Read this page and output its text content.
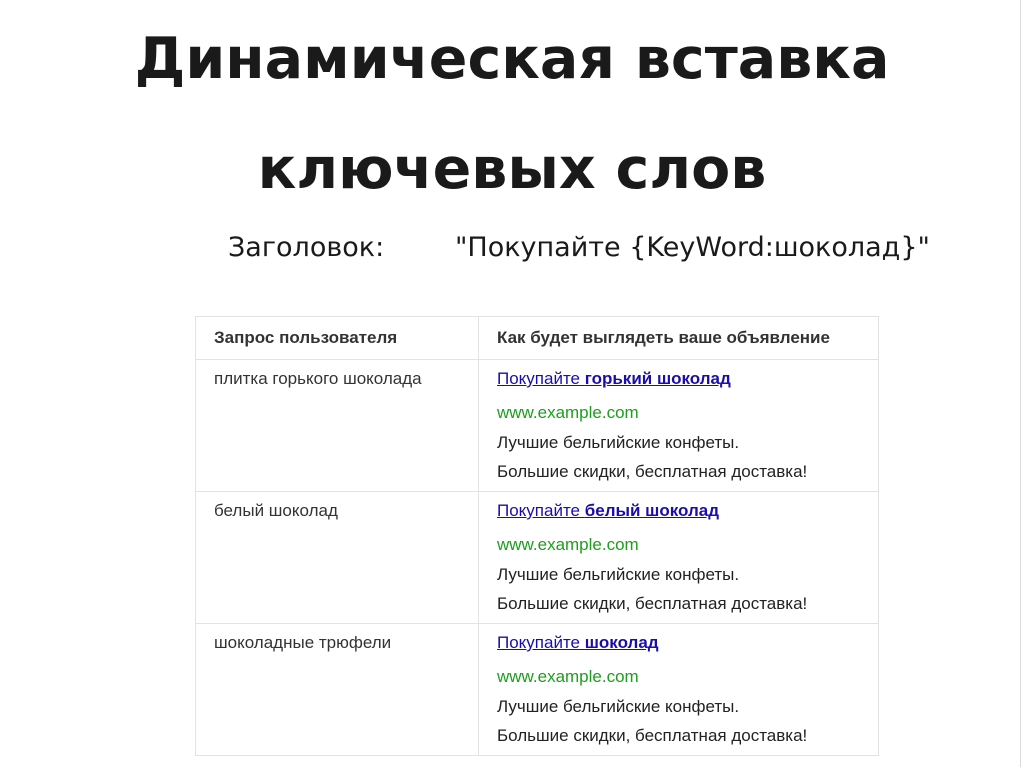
Динамическая вставка
ключевых слов
Заголовок:	"Покупайте {KeyWord:шоколад}"
Запрос пользователя	Как будет выглядеть ваше объявление

плитка горького шоколада	Покупайте горький шоколад
www.example.com
Лучшие бельгийские конфеты.
Большие скидки, бесплатная доставка!

белый шоколад	Покупайте белый шоколад
www.example.com
Лучшие бельгийские конфеты.
Большие скидки, бесплатная доставка!

шоколадные трюфели	Покупайте шоколад
www.example.com
Лучшие бельгийские конфеты.
Большие скидки, бесплатная доставка!
